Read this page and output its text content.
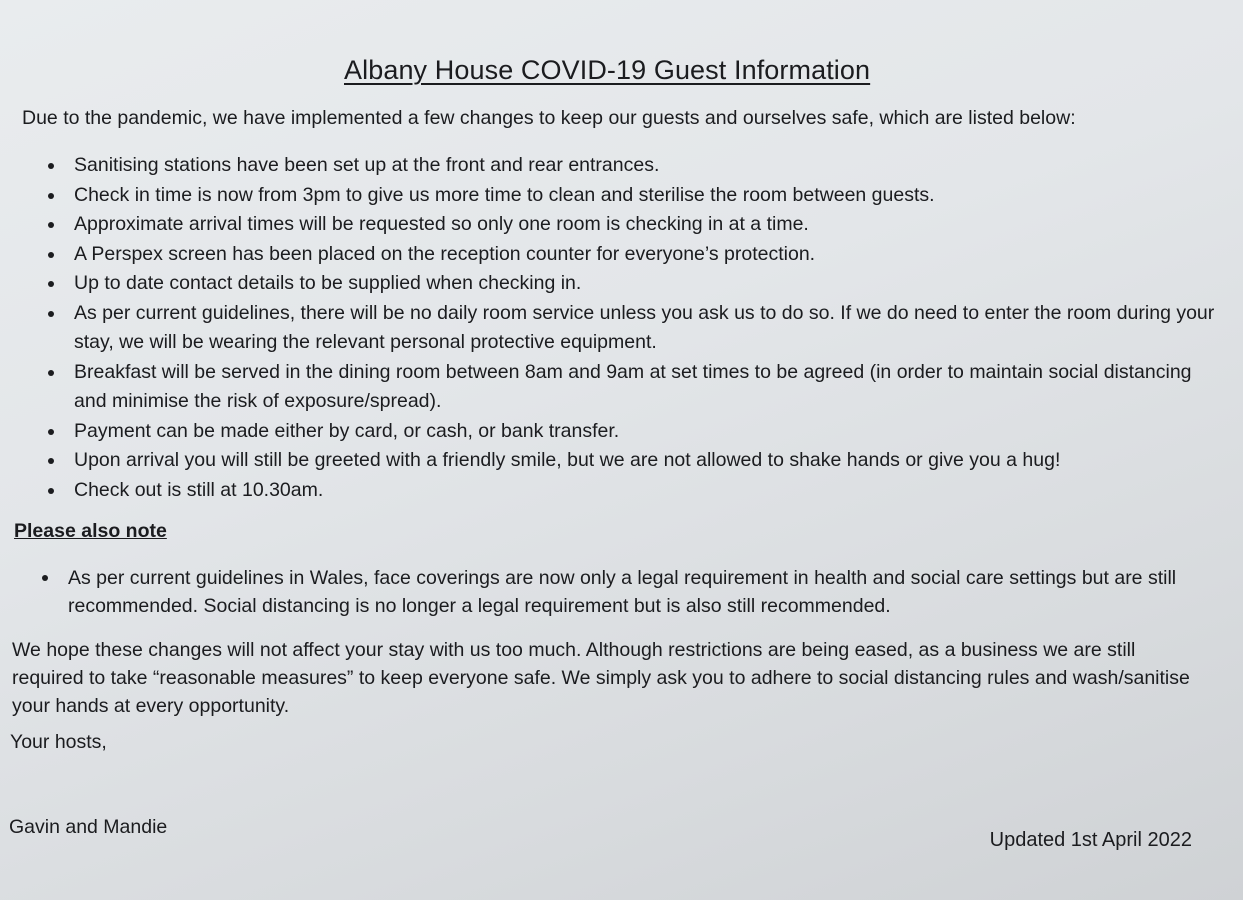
Albany House COVID-19 Guest Information

Due to the pandemic, we have implemented a few changes to keep our guests and ourselves safe, which are listed below:

Sanitising stations have been set up at the front and rear entrances.
Check in time is now from 3pm to give us more time to clean and sterilise the room between guests.
Approximate arrival times will be requested so only one room is checking in at a time.
A Perspex screen has been placed on the reception counter for everyone’s protection.
Up to date contact details to be supplied when checking in.
As per current guidelines, there will be no daily room service unless you ask us to do so. If we do need to enter the room during your stay, we will be wearing the relevant personal protective equipment.
Breakfast will be served in the dining room between 8am and 9am at set times to be agreed (in order to maintain social distancing and minimise the risk of exposure/spread).
Payment can be made either by card, or cash, or bank transfer.
Upon arrival you will still be greeted with a friendly smile, but we are not allowed to shake hands or give you a hug!
Check out is still at 10.30am.

Please also note

As per current guidelines in Wales, face coverings are now only a legal requirement in health and social care settings but are still recommended. Social distancing is no longer a legal requirement but is also still recommended.

We hope these changes will not affect your stay with us too much. Although restrictions are being eased, as a business we are still required to take “reasonable measures” to keep everyone safe. We simply ask you to adhere to social distancing rules and wash/sanitise your hands at every opportunity.

Your hosts,

Gavin and Mandie

Updated 1st April 2022
